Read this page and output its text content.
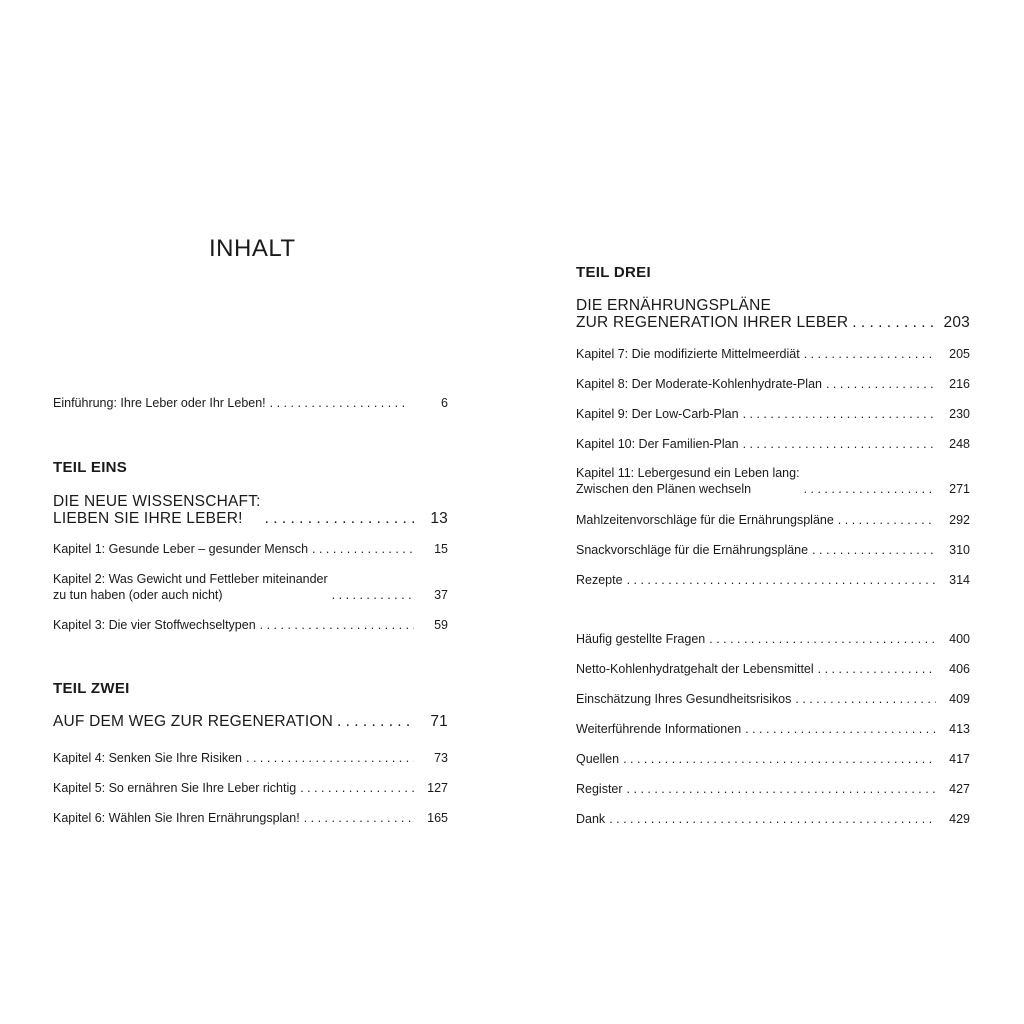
INHALT
Einführung: Ihre Leber oder Ihr Leben! . . .	6
TEIL EINS
DIE NEUE WISSENSCHAFT:
LIEBEN SIE IHRE LEBER! . . .	13
Kapitel 1: Gesunde Leber – gesunder Mensch . . .	15
Kapitel 2: Was Gewicht und Fettleber miteinander
zu tun haben (oder auch nicht) . . .	37
Kapitel 3: Die vier Stoffwechseltypen . . .	59
TEIL ZWEI
AUF DEM WEG ZUR REGENERATION . . .	71
Kapitel 4: Senken Sie Ihre Risiken . . .	73
Kapitel 5: So ernähren Sie Ihre Leber richtig . . .	127
Kapitel 6: Wählen Sie Ihren Ernährungsplan! . . .	165
TEIL DREI
DIE ERNÄHRUNGSPLÄNE
ZUR REGENERATION IHRER LEBER . . .	203
Kapitel 7: Die modifizierte Mittelmeerdiät . . .	205
Kapitel 8: Der Moderate-Kohlenhydrate-Plan . . .	216
Kapitel 9: Der Low-Carb-Plan . . .	230
Kapitel 10: Der Familien-Plan . . .	248
Kapitel 11: Lebergesund ein Leben lang:
Zwischen den Plänen wechseln . . .	271
Mahlzeitenvorschläge für die Ernährungspläne . . .	292
Snackvorschläge für die Ernährungspläne . . .	310
Rezepte . . .	314
Häufig gestellte Fragen . . .	400
Netto-Kohlenhydratgehalt der Lebensmittel . . .	406
Einschätzung Ihres Gesundheitsrisikos . . .	409
Weiterführende Informationen . . .	413
Quellen . . .	417
Register . . .	427
Dank . . .	429
